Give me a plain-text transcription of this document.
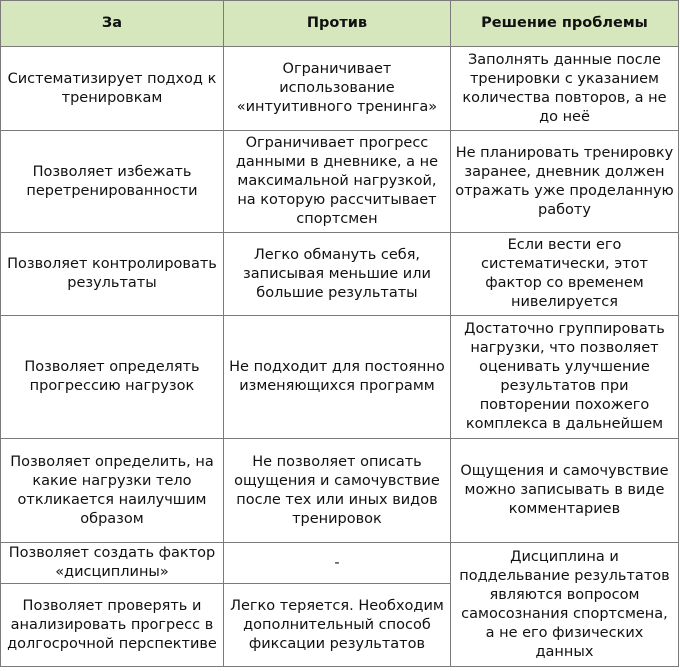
За	Против	Решение проблемы
Систематизирует подход к тренировкам	Ограничивает использование «интуитивного тренинга»	Заполнять данные после тренировки с указанием количества повторов, а не до неё
Позволяет избежать перетренированности	Ограничивает прогресс данными в дневнике, а не максимальной нагрузкой, на которую рассчитывает спортсмен	Не планировать тренировку заранее, дневник должен отражать уже проделанную работу
Позволяет контролировать результаты	Легко обмануть себя, записывая меньшие или большие результаты	Если вести его систематически, этот фактор со временем нивелируется
Позволяет определять прогрессию нагрузок	Не подходит для постоянно изменяющихся программ	Достаточно группировать нагрузки, что позволяет оценивать улучшение результатов при повторении похожего комплекса в дальнейшем
Позволяет определить, на какие нагрузки тело откликается наилучшим образом	Не позволяет описать ощущения и самочувствие после тех или иных видов тренировок	Ощущения и самочувствие можно записывать в виде комментариев
Позволяет создать фактор «дисциплины»	-	Дисциплина и поддельвание результатов являются вопросом самосознания спортсмена, а не его физических данных
Позволяет проверять и анализировать прогресс в долгосрочной перспективе	Легко теряется. Необходим дополнительный способ фиксации результатов	
